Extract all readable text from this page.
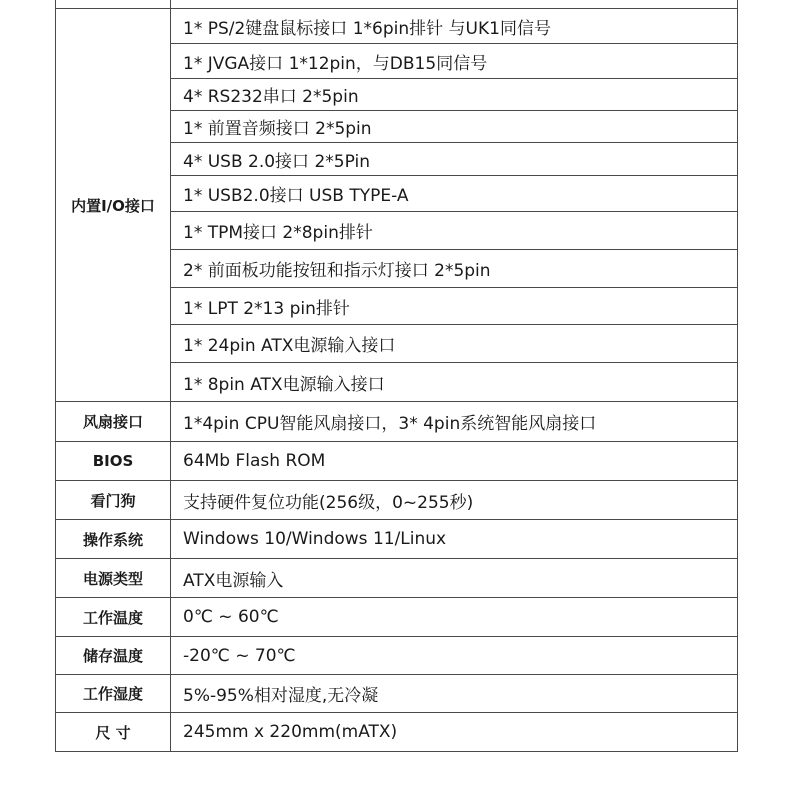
内置I/O接口
1* PS/2键盘鼠标接口 1*6pin排针 与UK1同信号
1* JVGA接口 1*12pin，与DB15同信号
4* RS232串口 2*5pin
1* 前置音频接口 2*5pin
4* USB 2.0接口 2*5Pin
1* USB2.0接口 USB TYPE-A
1* TPM接口 2*8pin排针
2* 前面板功能按钮和指示灯接口 2*5pin
1* LPT 2*13 pin排针
1* 24pin ATX电源输入接口
1* 8pin ATX电源输入接口
风扇接口	1*4pin CPU智能风扇接口，3* 4pin系统智能风扇接口
BIOS	64Mb Flash ROM
看门狗	支持硬件复位功能(256级，0~255秒)
操作系统	Windows 10/Windows 11/Linux
电源类型	ATX电源输入
工作温度	0℃ ~ 60℃
储存温度	-20℃ ~ 70℃
工作湿度	5%-95%相对湿度,无冷凝
尺 寸	245mm x 220mm(mATX)
